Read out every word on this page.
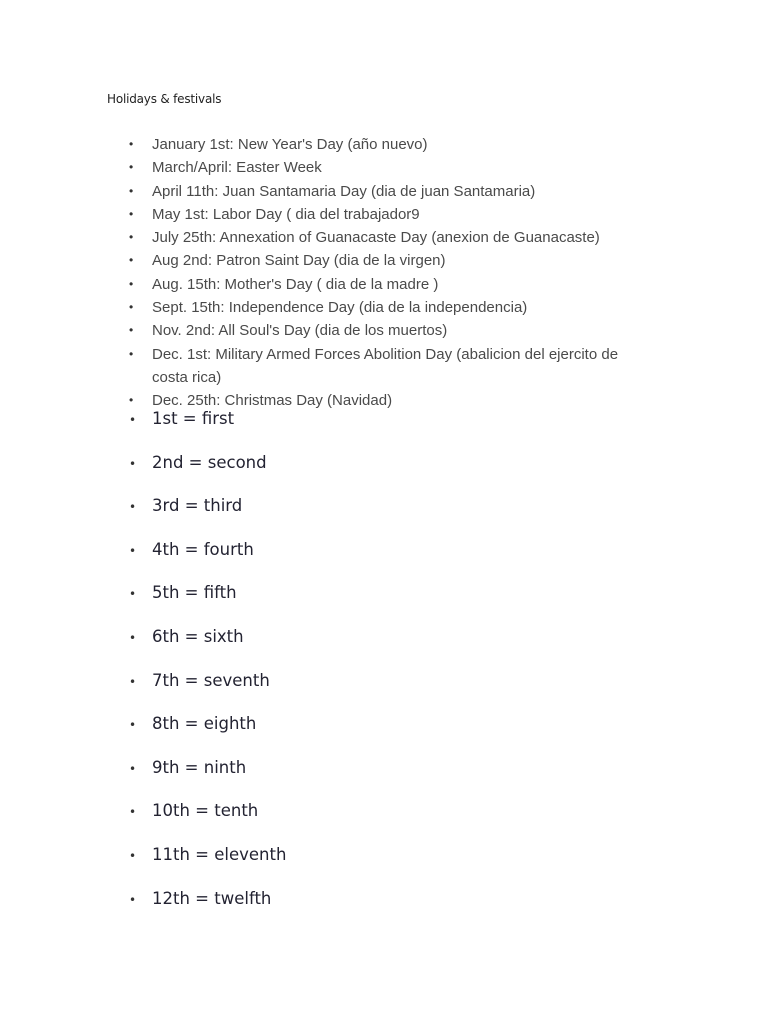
Holidays & festivals
• January 1st: New Year's Day (año nuevo)
• March/April: Easter Week
• April 11th: Juan Santamaria Day (dia de juan Santamaria)
• May 1st: Labor Day ( dia del trabajador9
• July 25th: Annexation of Guanacaste Day (anexion de Guanacaste)
• Aug 2nd: Patron Saint Day (dia de la virgen)
• Aug. 15th: Mother's Day ( dia de la madre )
• Sept. 15th: Independence Day (dia de la independencia)
• Nov. 2nd: All Soul's Day (dia de los muertos)
• Dec. 1st: Military Armed Forces Abolition Day (abalicion del ejercito de costa rica)
• Dec. 25th: Christmas Day (Navidad)
• 1st = first
• 2nd = second
• 3rd = third
• 4th = fourth
• 5th = fifth
• 6th = sixth
• 7th = seventh
• 8th = eighth
• 9th = ninth
• 10th = tenth
• 11th = eleventh
• 12th = twelfth
